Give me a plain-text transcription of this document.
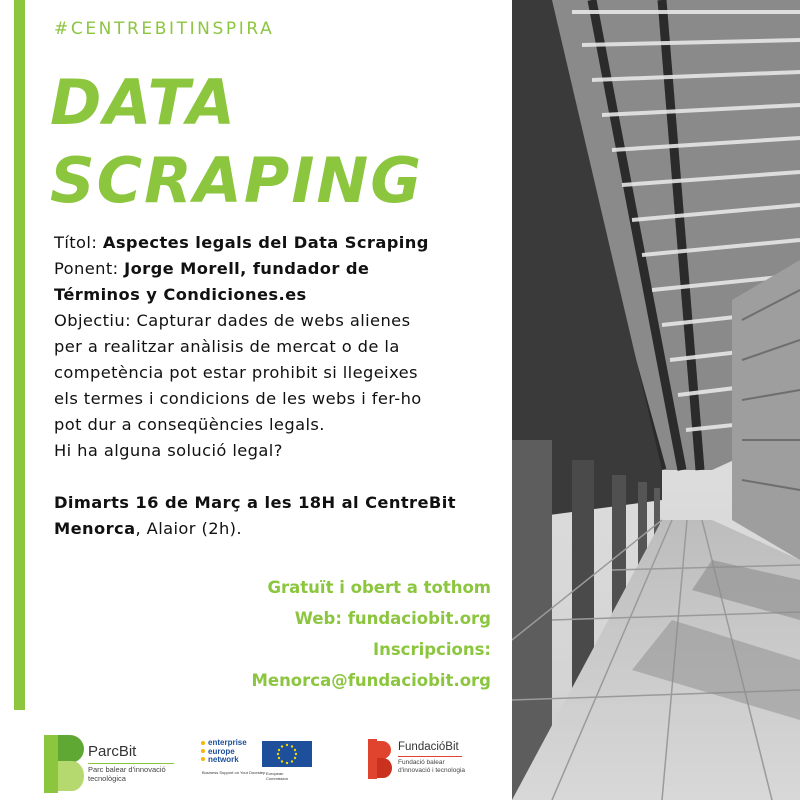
#CENTREBITINSPIRA
DATA
SCRAPING
Títol: Aspectes legals del Data Scraping
Ponent: Jorge Morell, fundador de
Términos y Condiciones.es
Objectiu: Capturar dades de webs alienes
per a realitzar anàlisis de mercat o de la
competència pot estar prohibit si llegeixes
els termes i condicions de les webs i fer-ho
pot dur a conseqüències legals.
Hi ha alguna solució legal?
Dimarts 16 de Març a les 18H al CentreBit
Menorca, Alaior (2h).
Gratuït i obert a tothom
Web: fundaciobit.org
Inscripcions:
Menorca@fundaciobit.org
ParcBit
Parc balear d'innovació tecnològica
enterprise europe network
Business Support on Your Doorstep European Commission
FundacióBit
Fundació balear d'innovació i tecnologia
